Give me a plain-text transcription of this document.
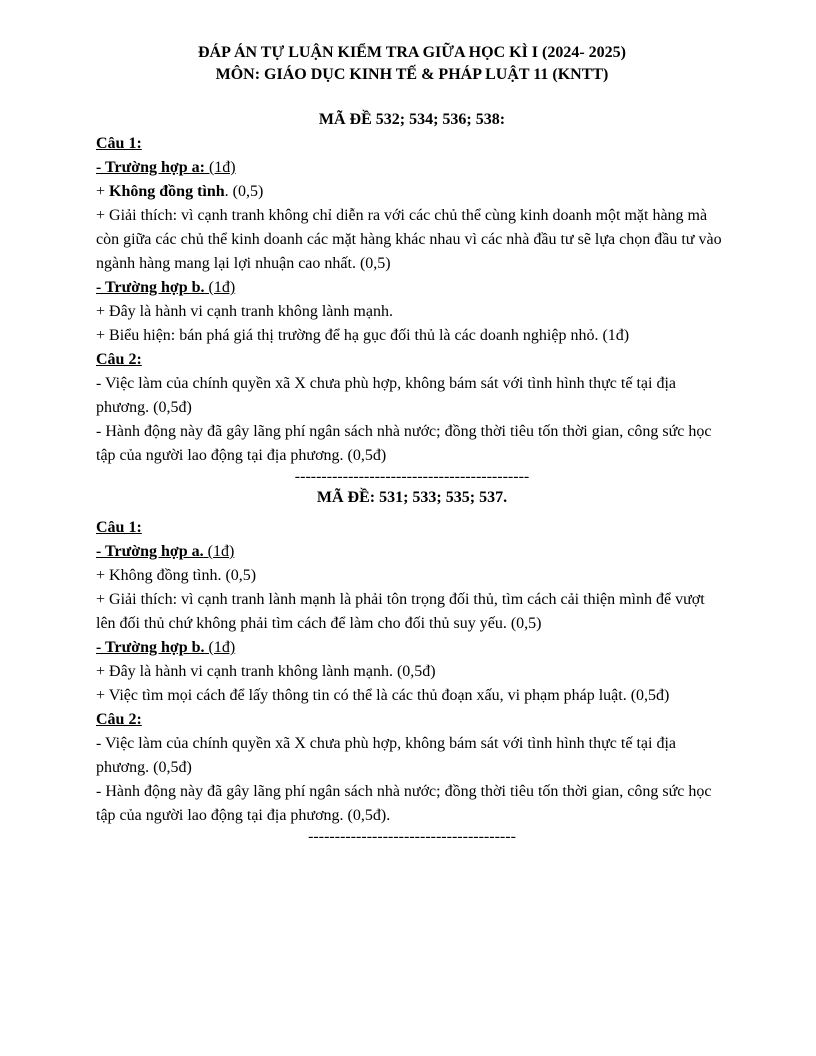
ĐÁP ÁN TỰ LUẬN KIỂM TRA GIỮA HỌC KÌ I (2024- 2025)
MÔN: GIÁO DỤC KINH TẾ & PHÁP LUẬT 11 (KNTT)
MÃ ĐỀ 532; 534; 536; 538:

Câu 1:

- Trường hợp a: (1đ)

+ Không đồng tình. (0,5)

+ Giải thích: vì cạnh tranh không chỉ diễn ra với các chủ thể cùng kinh doanh một mặt hàng mà còn giữa các chủ thể kinh doanh các mặt hàng khác nhau vì các nhà đầu tư sẽ lựa chọn đầu tư vào ngành hàng mang lại lợi nhuận cao nhất. (0,5)

- Trường hợp b. (1đ)

+ Đây là hành vi cạnh tranh không lành mạnh.

+ Biểu hiện: bán phá giá thị trường để hạ gục đối thủ là các doanh nghiệp nhỏ. (1đ)

Câu 2:

- Việc làm của chính quyền xã X chưa phù hợp, không bám sát với tình hình thực tế tại địa phương. (0,5đ)

- Hành động này đã gây lãng phí ngân sách nhà nước; đồng thời tiêu tốn thời gian, công sức học tập của người lao động tại địa phương. (0,5đ)

--------------------------------------------
MÃ ĐỀ: 531; 533; 535; 537.

Câu 1:

- Trường hợp a. (1đ)

+ Không đồng tình. (0,5)

+ Giải thích: vì cạnh tranh lành mạnh là phải tôn trọng đối thủ, tìm cách cải thiện mình để vượt lên đối thủ chứ không phải tìm cách để làm cho đối thủ suy yếu. (0,5)

- Trường hợp b. (1đ)

+ Đây là hành vi cạnh tranh không lành mạnh. (0,5đ)

+ Việc tìm mọi cách để lấy thông tin có thể là các thủ đoạn xấu, vi phạm pháp luật. (0,5đ)

Câu 2:

- Việc làm của chính quyền xã X chưa phù hợp, không bám sát với tình hình thực tế tại địa phương. (0,5đ)

- Hành động này đã gây lãng phí ngân sách nhà nước; đồng thời tiêu tốn thời gian, công sức học tập của người lao động tại địa phương. (0,5đ).

---------------------------------------
